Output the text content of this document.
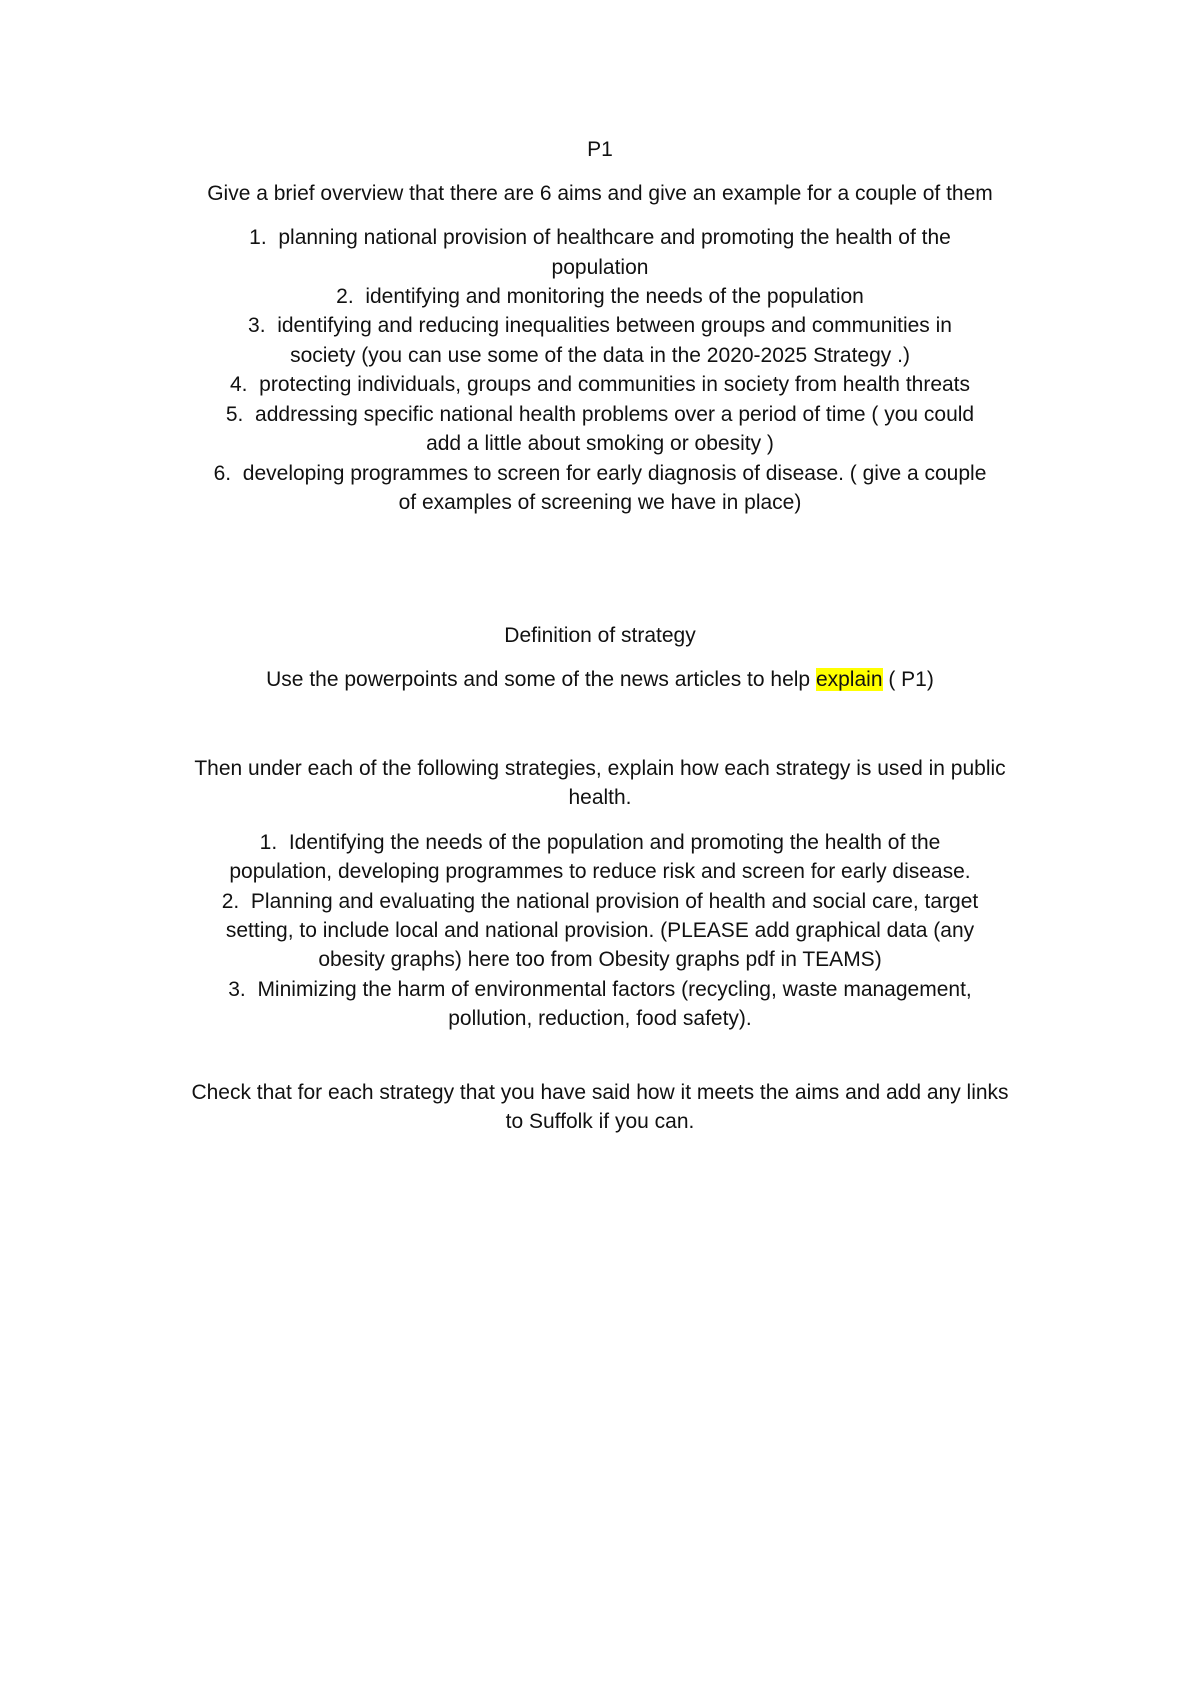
P1
Give a brief overview that there are 6 aims and give an example for a couple of them
1. planning national provision of healthcare and promoting the health of the
population
2. identifying and monitoring the needs of the population
3. identifying and reducing inequalities between groups and communities in
society (you can use some of the data in the 2020-2025 Strategy .)
4. protecting individuals, groups and communities in society from health threats
5. addressing specific national health problems over a period of time ( you could
add a little about smoking or obesity )
6. developing programmes to screen for early diagnosis of disease. ( give a couple
of examples of screening we have in place)
Definition of strategy
Use the powerpoints and some of the news articles to help explain ( P1)
Then under each of the following strategies, explain how each strategy is used in public
health.
1. Identifying the needs of the population and promoting the health of the
population, developing programmes to reduce risk and screen for early disease.
2. Planning and evaluating the national provision of health and social care, target
setting, to include local and national provision. (PLEASE add graphical data (any
obesity graphs) here too from Obesity graphs pdf in TEAMS)
3. Minimizing the harm of environmental factors (recycling, waste management,
pollution, reduction, food safety).
Check that for each strategy that you have said how it meets the aims and add any links
to Suffolk if you can.
